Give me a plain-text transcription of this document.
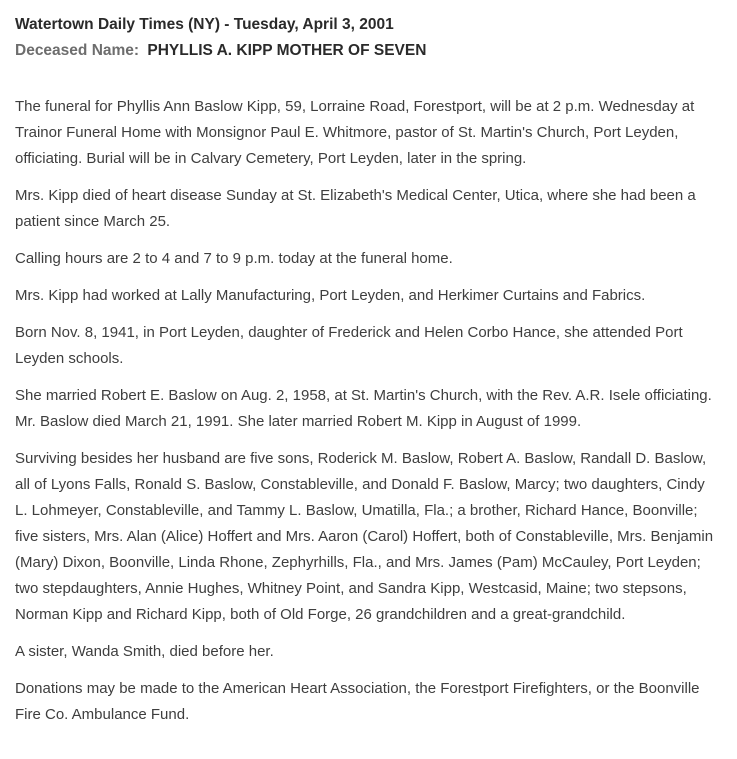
Watertown Daily Times (NY) - Tuesday, April 3, 2001
Deceased Name: PHYLLIS A. KIPP MOTHER OF SEVEN

The funeral for Phyllis Ann Baslow Kipp, 59, Lorraine Road, Forestport, will be at 2 p.m. Wednesday at Trainor Funeral Home with Monsignor Paul E. Whitmore, pastor of St. Martin's Church, Port Leyden, officiating. Burial will be in Calvary Cemetery, Port Leyden, later in the spring.

Mrs. Kipp died of heart disease Sunday at St. Elizabeth's Medical Center, Utica, where she had been a patient since March 25.

Calling hours are 2 to 4 and 7 to 9 p.m. today at the funeral home.

Mrs. Kipp had worked at Lally Manufacturing, Port Leyden, and Herkimer Curtains and Fabrics.

Born Nov. 8, 1941, in Port Leyden, daughter of Frederick and Helen Corbo Hance, she attended Port Leyden schools.

She married Robert E. Baslow on Aug. 2, 1958, at St. Martin's Church, with the Rev. A.R. Isele officiating. Mr. Baslow died March 21, 1991. She later married Robert M. Kipp in August of 1999.

Surviving besides her husband are five sons, Roderick M. Baslow, Robert A. Baslow, Randall D. Baslow, all of Lyons Falls, Ronald S. Baslow, Constableville, and Donald F. Baslow, Marcy; two daughters, Cindy L. Lohmeyer, Constableville, and Tammy L. Baslow, Umatilla, Fla.; a brother, Richard Hance, Boonville; five sisters, Mrs. Alan (Alice) Hoffert and Mrs. Aaron (Carol) Hoffert, both of Constableville, Mrs. Benjamin (Mary) Dixon, Boonville, Linda Rhone, Zephyrhills, Fla., and Mrs. James (Pam) McCauley, Port Leyden; two stepdaughters, Annie Hughes, Whitney Point, and Sandra Kipp, Westcasid, Maine; two stepsons, Norman Kipp and Richard Kipp, both of Old Forge, 26 grandchildren and a great-grandchild.

A sister, Wanda Smith, died before her.

Donations may be made to the American Heart Association, the Forestport Firefighters, or the Boonville Fire Co. Ambulance Fund.
